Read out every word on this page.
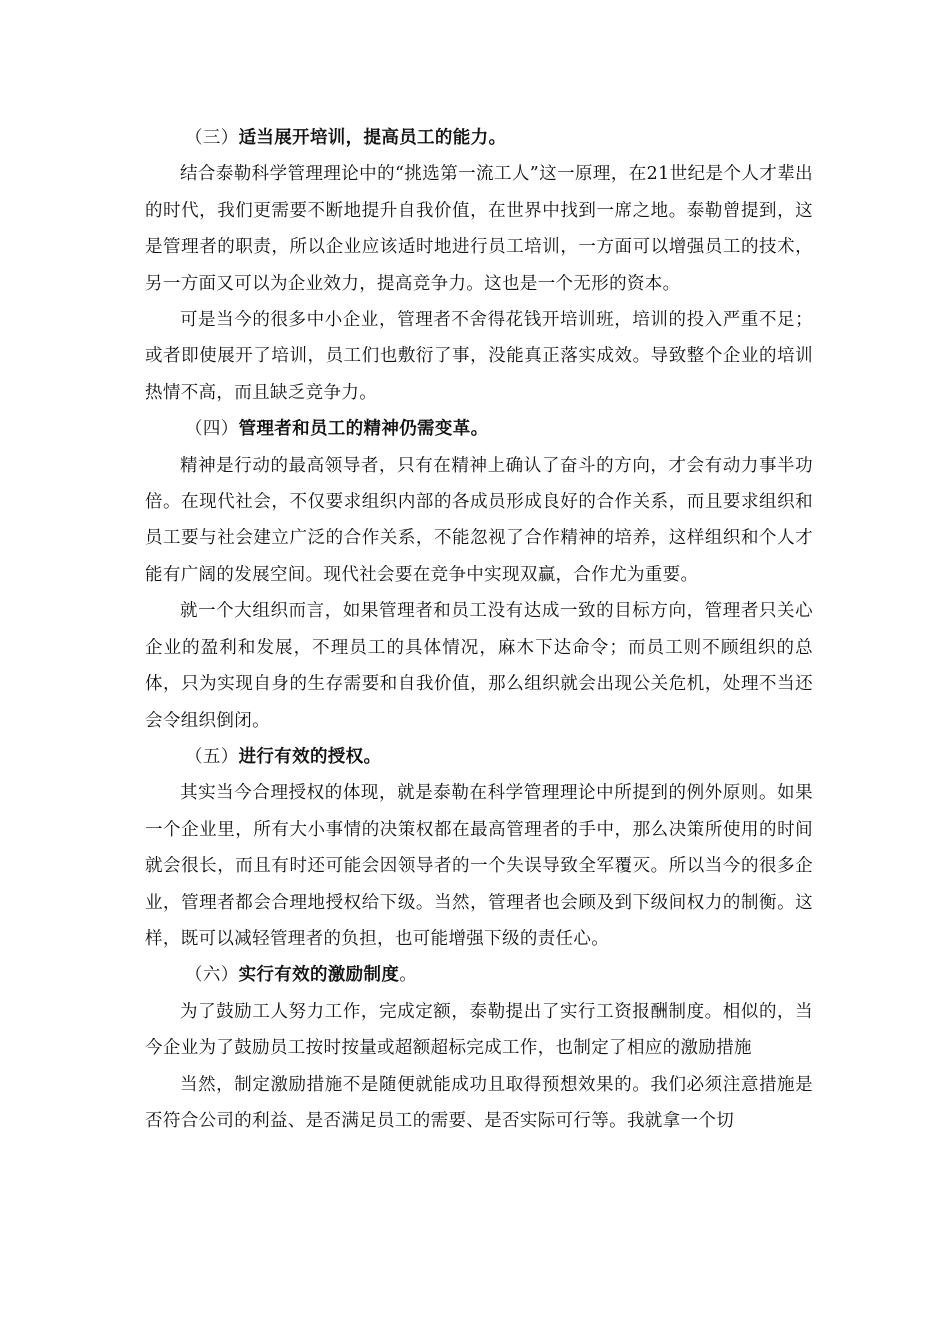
（三）适当展开培训，提高员工的能力。

结合泰勒科学管理理论中的“挑选第一流工人”这一原理，在21世纪是个人才辈出的时代，我们更需要不断地提升自我价值，在世界中找到一席之地。泰勒曾提到，这是管理者的职责，所以企业应该适时地进行员工培训，一方面可以增强员工的技术，另一方面又可以为企业效力，提高竞争力。这也是一个无形的资本。

可是当今的很多中小企业，管理者不舍得花钱开培训班，培训的投入严重不足；或者即使展开了培训，员工们也敷衍了事，没能真正落实成效。导致整个企业的培训热情不高，而且缺乏竞争力。

（四）管理者和员工的精神仍需变革。

精神是行动的最高领导者，只有在精神上确认了奋斗的方向，才会有动力事半功倍。在现代社会，不仅要求组织内部的各成员形成良好的合作关系，而且要求组织和员工要与社会建立广泛的合作关系，不能忽视了合作精神的培养，这样组织和个人才能有广阔的发展空间。现代社会要在竞争中实现双赢，合作尤为重要。

就一个大组织而言，如果管理者和员工没有达成一致的目标方向，管理者只关心企业的盈利和发展，不理员工的具体情况，麻木下达命令；而员工则不顾组织的总体，只为实现自身的生存需要和自我价值，那么组织就会出现公关危机，处理不当还会令组织倒闭。

（五）进行有效的授权。

其实当今合理授权的体现，就是泰勒在科学管理理论中所提到的例外原则。如果一个企业里，所有大小事情的决策权都在最高管理者的手中，那么决策所使用的时间就会很长，而且有时还可能会因领导者的一个失误导致全军覆灭。所以当今的很多企业，管理者都会合理地授权给下级。当然，管理者也会顾及到下级间权力的制衡。这样，既可以减轻管理者的负担，也可能增强下级的责任心。

（六）实行有效的激励制度。

为了鼓励工人努力工作，完成定额，泰勒提出了实行工资报酬制度。相似的，当今企业为了鼓励员工按时按量或超额超标完成工作，也制定了相应的激励措施

当然，制定激励措施不是随便就能成功且取得预想效果的。我们必须注意措施是否符合公司的利益、是否满足员工的需要、是否实际可行等。我就拿一个切
